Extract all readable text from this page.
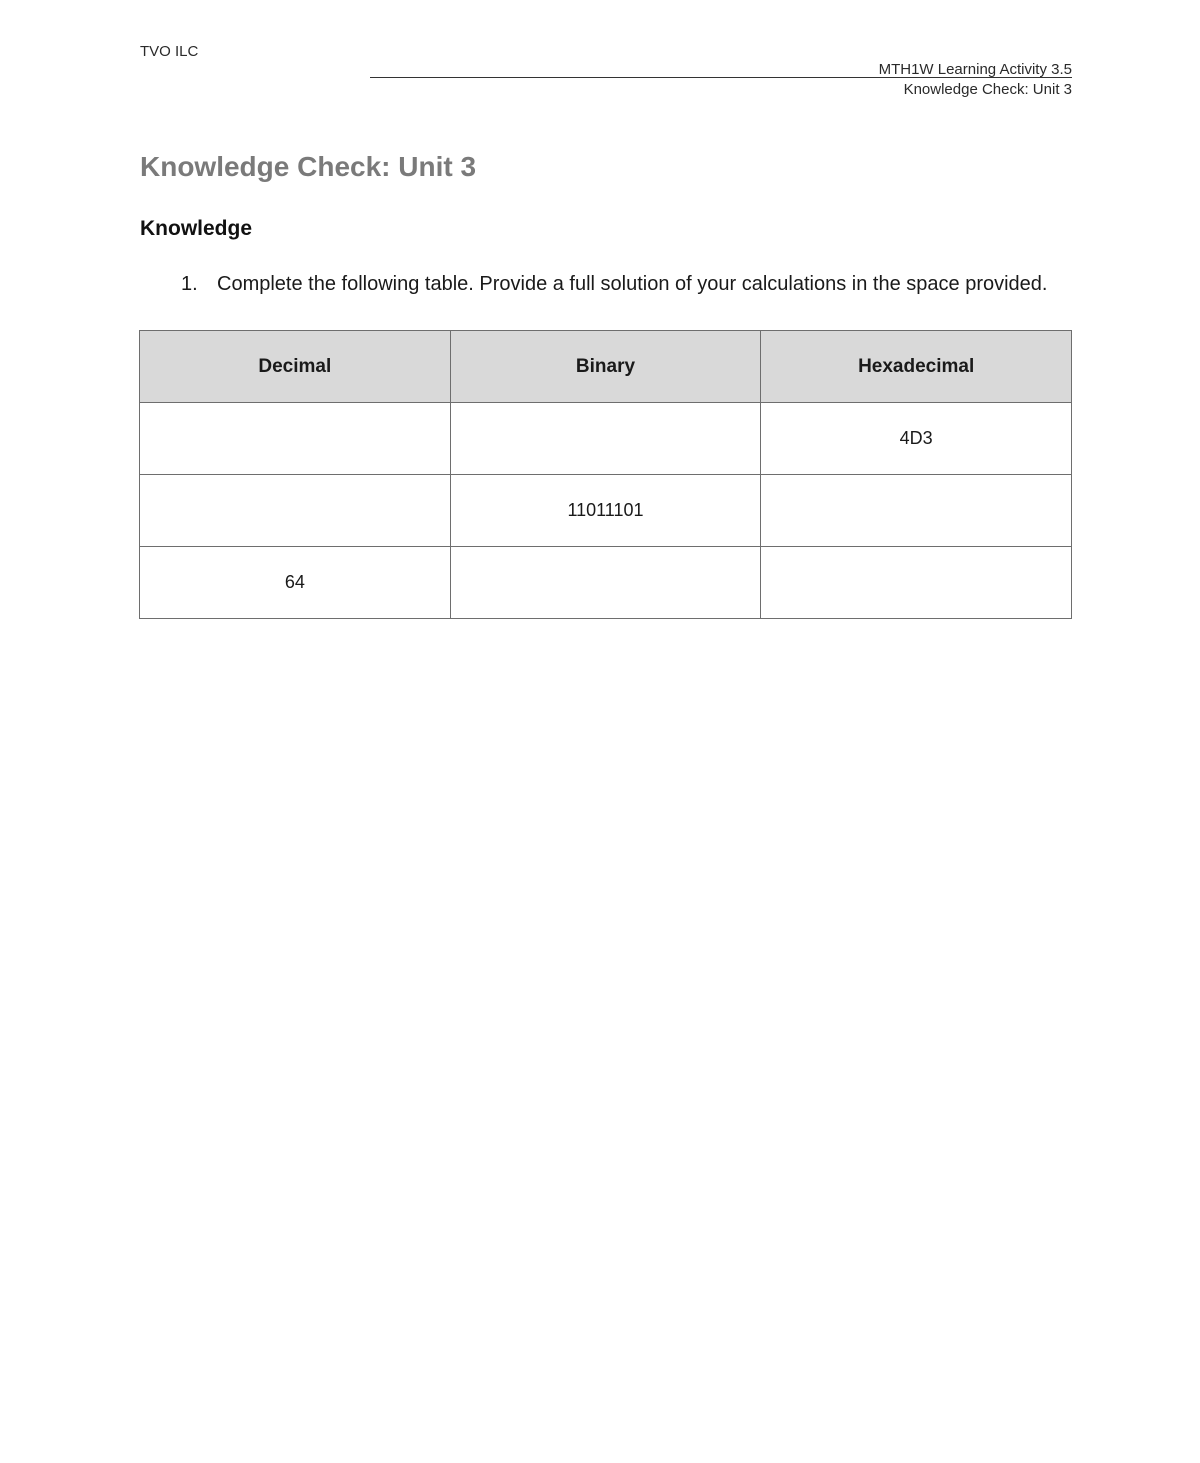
TVO ILC
MTH1W Learning Activity 3.5
Knowledge Check: Unit 3
Knowledge Check: Unit 3
Knowledge
1. Complete the following table. Provide a full solution of your calculations in the space provided.
Decimal	Binary	Hexadecimal
		4D3
	11011101	
64		
